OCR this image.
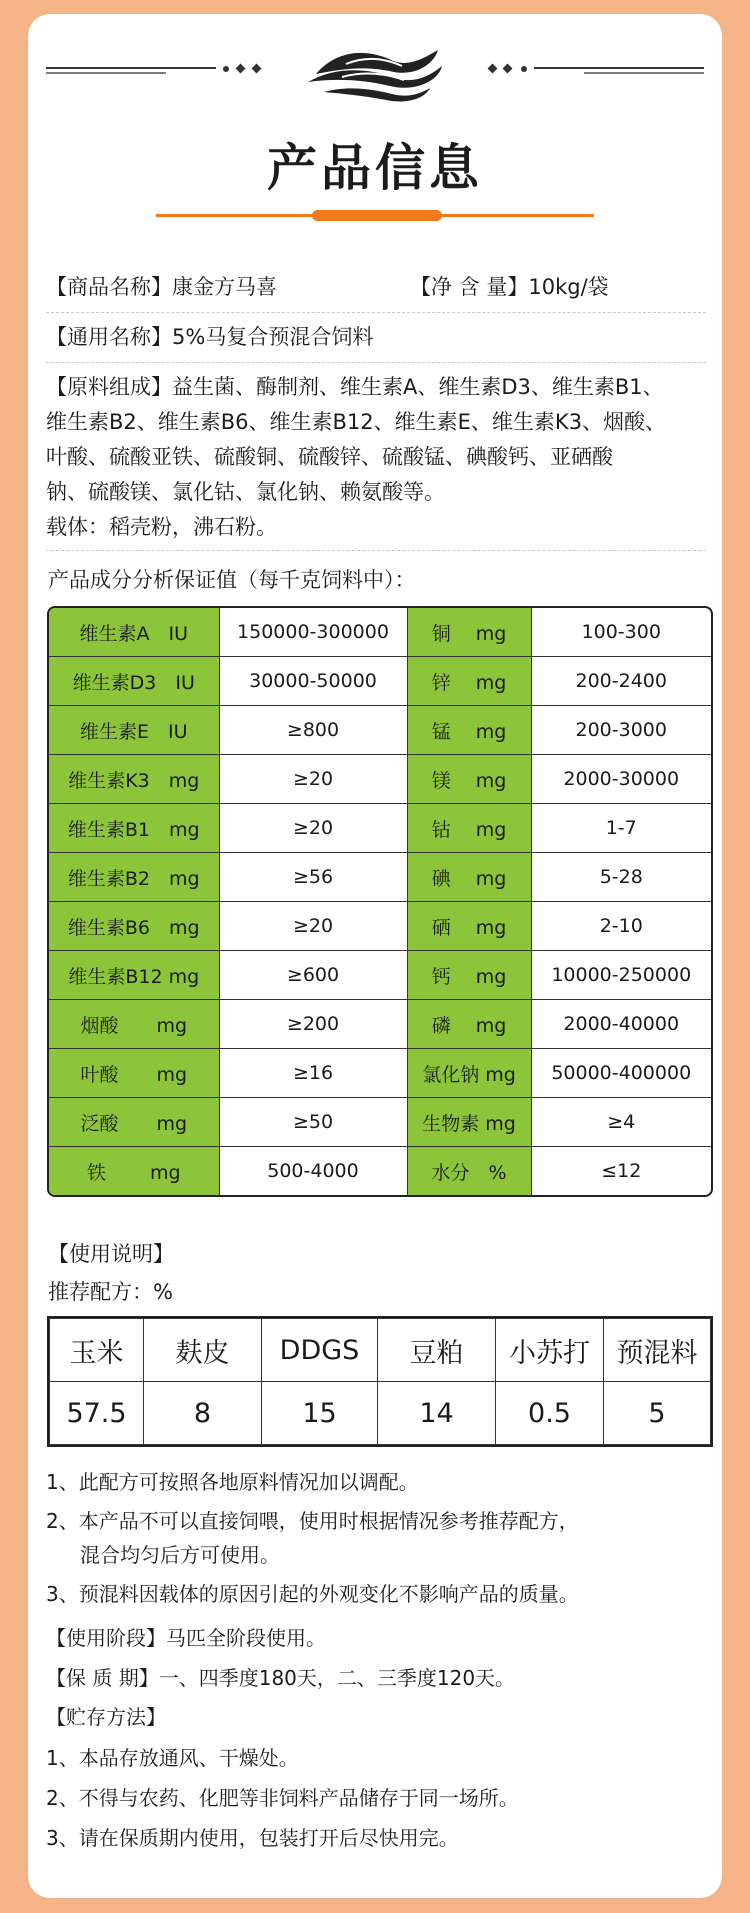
产品信息
【商品名称】康金方马喜	【净 含 量】10kg/袋
【通用名称】5%马复合预混合饲料
【原料组成】益生菌、酶制剂、维生素A、维生素D3、维生素B1、
维生素B2、维生素B6、维生素B12、维生素E、维生素K3、烟酸、
叶酸、硫酸亚铁、硫酸铜、硫酸锌、硫酸锰、碘酸钙、亚硒酸
钠、硫酸镁、氯化钴、氯化钠、赖氨酸等。
载体：稻壳粉，沸石粉。
产品成分分析保证值（每千克饲料中）：
维生素A　IU	150000-300000	铜　 mg	100-300
维生素D3　IU	30000-50000	锌　 mg	200-2400
维生素E　IU	≥800	锰　 mg	200-3000
维生素K3　mg	≥20	镁　 mg	2000-30000
维生素B1　mg	≥20	钴　 mg	1-7
维生素B2　mg	≥56	碘　 mg	5-28
维生素B6　mg	≥20	硒　 mg	2-10
维生素B12 mg	≥600	钙　 mg	10000-250000
烟酸　　mg	≥200	磷　 mg	2000-40000
叶酸　　mg	≥16	氯化钠 mg	50000-400000
泛酸　　mg	≥50	生物素 mg	≥4
铁　　 mg	500-4000	水分　%	≤12
【使用说明】
推荐配方：%
玉米	麸皮	DDGS	豆粕	小苏打	预混料
57.5	8	15	14	0.5	5
1、此配方可按照各地原料情况加以调配。
2、本产品不可以直接饲喂，使用时根据情况参考推荐配方，
混合均匀后方可使用。
3、预混料因载体的原因引起的外观变化不影响产品的质量。
【使用阶段】马匹全阶段使用。
【保 质 期】一、四季度180天，二、三季度120天。
【贮存方法】
1、本品存放通风、干燥处。
2、不得与农药、化肥等非饲料产品储存于同一场所。
3、请在保质期内使用，包装打开后尽快用完。
